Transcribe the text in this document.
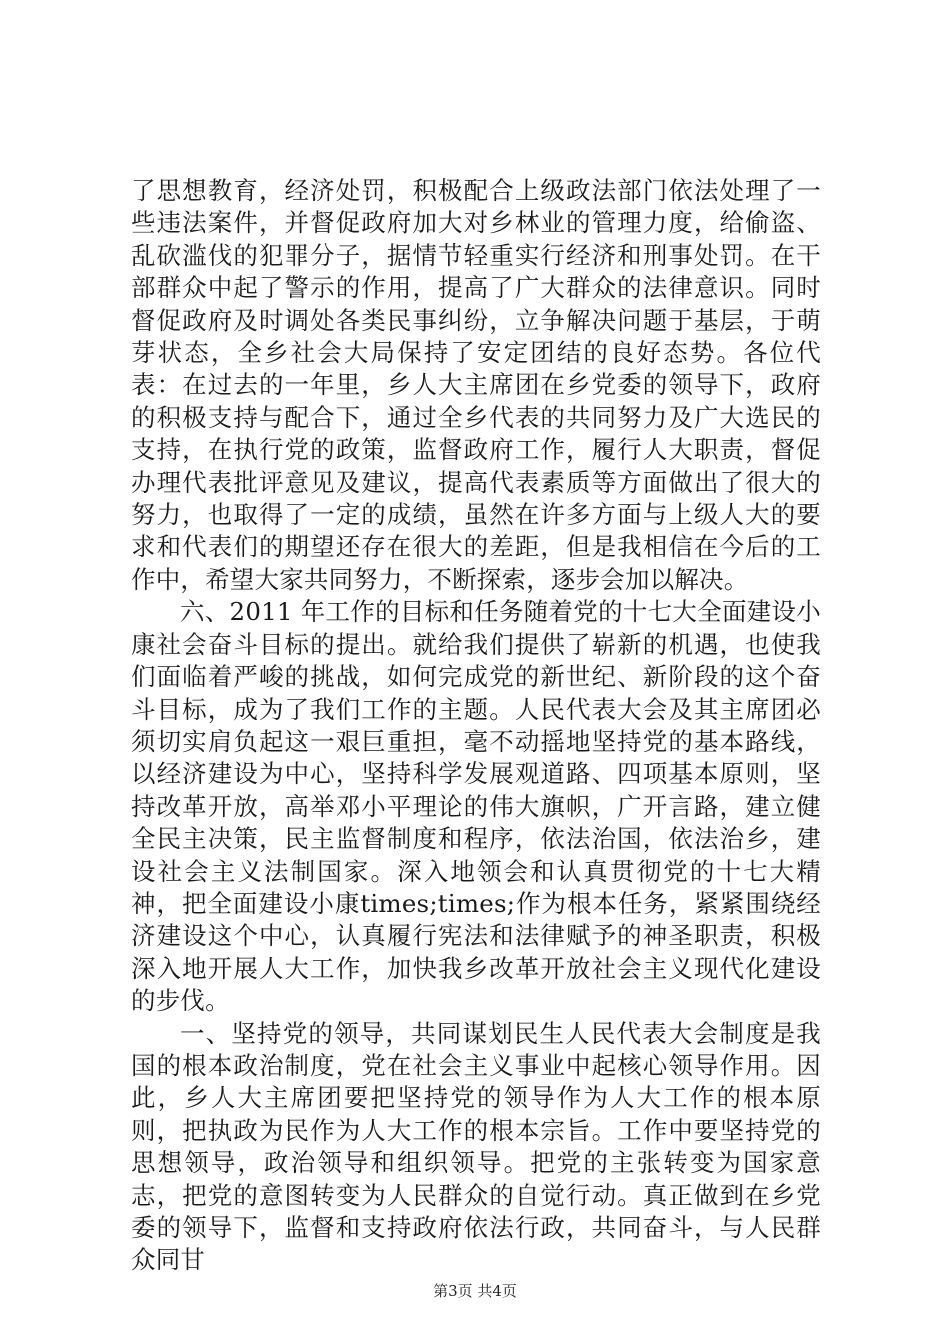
了思想教育，经济处罚，积极配合上级政法部门依法处理了一些违法案件，并督促政府加大对乡林业的管理力度，给偷盗、乱砍滥伐的犯罪分子，据情节轻重实行经济和刑事处罚。在干部群众中起了警示的作用，提高了广大群众的法律意识。同时督促政府及时调处各类民事纠纷，立争解决问题于基层，于萌芽状态，全乡社会大局保持了安定团结的良好态势。各位代表：在过去的一年里，乡人大主席团在乡党委的领导下，政府的积极支持与配合下，通过全乡代表的共同努力及广大选民的支持，在执行党的政策，监督政府工作，履行人大职责，督促办理代表批评意见及建议，提高代表素质等方面做出了很大的努力，也取得了一定的成绩，虽然在许多方面与上级人大的要求和代表们的期望还存在很大的差距，但是我相信在今后的工作中，希望大家共同努力，不断探索，逐步会加以解决。

六、2011 年工作的目标和任务随着党的十七大全面建设小康社会奋斗目标的提出。就给我们提供了崭新的机遇，也使我们面临着严峻的挑战，如何完成党的新世纪、新阶段的这个奋斗目标，成为了我们工作的主题。人民代表大会及其主席团必须切实肩负起这一艰巨重担，毫不动摇地坚持党的基本路线，以经济建设为中心，坚持科学发展观道路、四项基本原则，坚持改革开放，高举邓小平理论的伟大旗帜，广开言路，建立健全民主决策，民主监督制度和程序，依法治国，依法治乡，建设社会主义法制国家。深入地领会和认真贯彻党的十七大精神，把全面建设小康times;times;作为根本任务，紧紧围绕经济建设这个中心，认真履行宪法和法律赋予的神圣职责，积极深入地开展人大工作，加快我乡改革开放社会主义现代化建设的步伐。

一、坚持党的领导，共同谋划民生人民代表大会制度是我国的根本政治制度，党在社会主义事业中起核心领导作用。因此，乡人大主席团要把坚持党的领导作为人大工作的根本原则，把执政为民作为人大工作的根本宗旨。工作中要坚持党的思想领导，政治领导和组织领导。把党的主张转变为国家意志，把党的意图转变为人民群众的自觉行动。真正做到在乡党委的领导下，监督和支持政府依法行政，共同奋斗，与人民群众同甘

第3页 共4页
